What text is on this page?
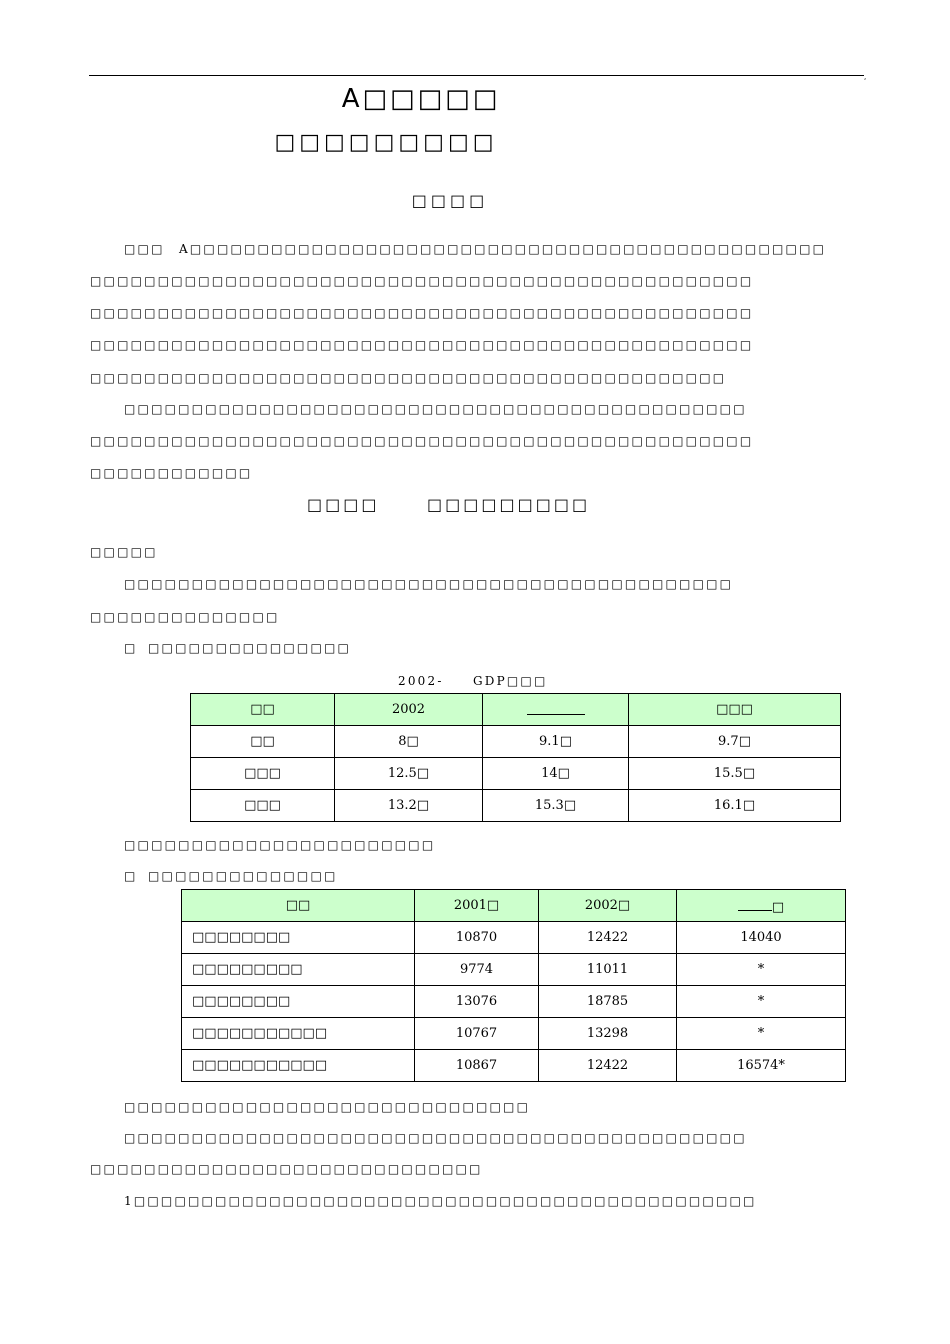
,
A□□□□□
□□□□□□□□□
□□□□
□□□ A□□□□□□□□□□□□□□□□□□□□□□□□□□□□□□□□□□□□□□□□□□□□□□□
□□□□□□□□□□□□□□□□□□□□□□□□□□□□□□□□□□□□□□□□□□□□□□□□□
□□□□□□□□□□□□□□□□□□□□□□□□□□□□□□□□□□□□□□□□□□□□□□□□□
□□□□□□□□□□□□□□□□□□□□□□□□□□□□□□□□□□□□□□□□□□□□□□□□□
□□□□□□□□□□□□□□□□□□□□□□□□□□□□□□□□□□□□□□□□□□□□□□□
□□□□□□□□□□□□□□□□□□□□□□□□□□□□□□□□□□□□□□□□□□□□□□
□□□□□□□□□□□□□□□□□□□□□□□□□□□□□□□□□□□□□□□□□□□□□□□□□
□□□□□□□□□□□□
□□□□	□□□□□□□□□
□□□□□
□□□□□□□□□□□□□□□□□□□□□□□□□□□□□□□□□□□□□□□□□□□□□
□□□□□□□□□□□□□□
□ □□□□□□□□□□□□□□□
2002- GDP□□□
□□	2002		□□□
□□	8□	9.1□	9.7□
□□□	12.5□	14□	15.5□
□□□	13.2□	15.3□	16.1□
□□□□□□□□□□□□□□□□□□□□□□□
□ □□□□□□□□□□□□□□
□□	2001□	2002□	□
□□□□□□□□	10870	12422	14040
□□□□□□□□□	9774	11011	*
□□□□□□□□	13076	18785	*
□□□□□□□□□□□	10767	13298	*
□□□□□□□□□□□	10867	12422	16574*
□□□□□□□□□□□□□□□□□□□□□□□□□□□□□□
□□□□□□□□□□□□□□□□□□□□□□□□□□□□□□□□□□□□□□□□□□□□□□
□□□□□□□□□□□□□□□□□□□□□□□□□□□□□
1□□□□□□□□□□□□□□□□□□□□□□□□□□□□□□□□□□□□□□□□□□□□□□
